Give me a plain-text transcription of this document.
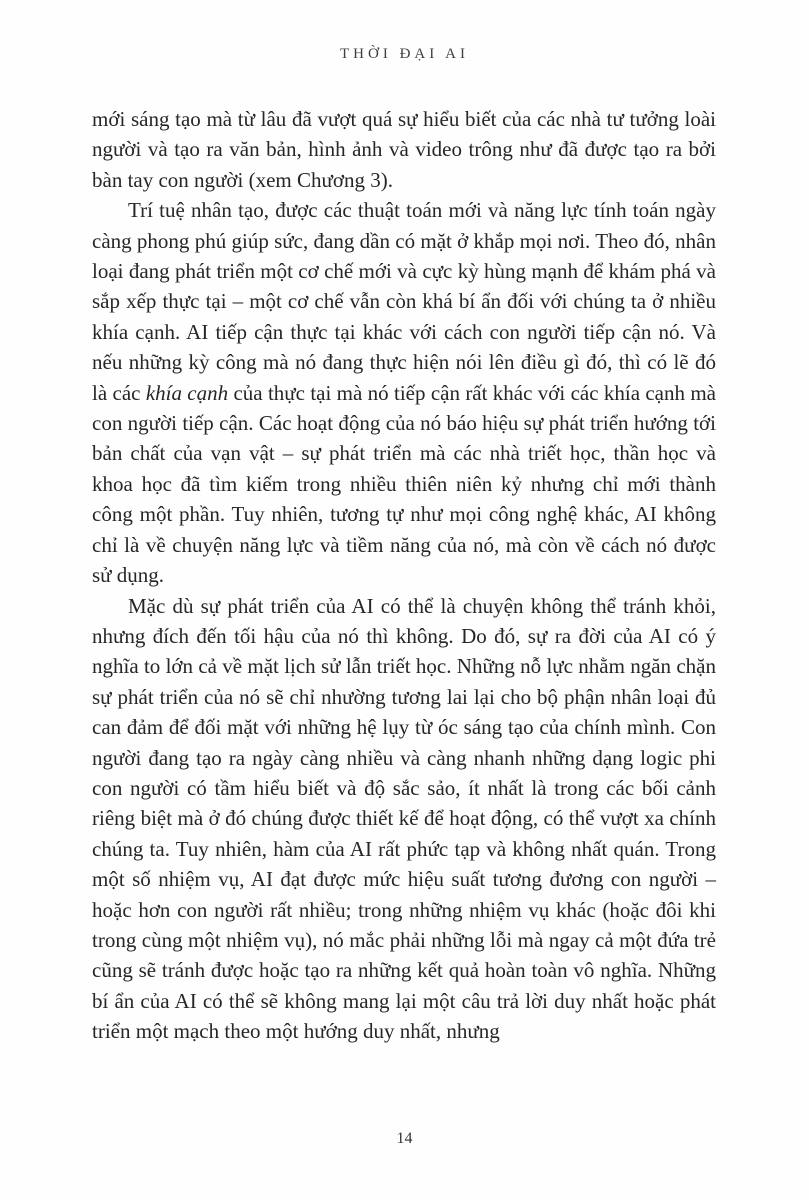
THỜI ĐẠI AI

mới sáng tạo mà từ lâu đã vượt quá sự hiểu biết của các nhà tư tưởng loài người và tạo ra văn bản, hình ảnh và video trông như đã được tạo ra bởi bàn tay con người (xem Chương 3).

Trí tuệ nhân tạo, được các thuật toán mới và năng lực tính toán ngày càng phong phú giúp sức, đang dần có mặt ở khắp mọi nơi. Theo đó, nhân loại đang phát triển một cơ chế mới và cực kỳ hùng mạnh để khám phá và sắp xếp thực tại – một cơ chế vẫn còn khá bí ẩn đối với chúng ta ở nhiều khía cạnh. AI tiếp cận thực tại khác với cách con người tiếp cận nó. Và nếu những kỳ công mà nó đang thực hiện nói lên điều gì đó, thì có lẽ đó là các khía cạnh của thực tại mà nó tiếp cận rất khác với các khía cạnh mà con người tiếp cận. Các hoạt động của nó báo hiệu sự phát triển hướng tới bản chất của vạn vật – sự phát triển mà các nhà triết học, thần học và khoa học đã tìm kiếm trong nhiều thiên niên kỷ nhưng chỉ mới thành công một phần. Tuy nhiên, tương tự như mọi công nghệ khác, AI không chỉ là về chuyện năng lực và tiềm năng của nó, mà còn về cách nó được sử dụng.

Mặc dù sự phát triển của AI có thể là chuyện không thể tránh khỏi, nhưng đích đến tối hậu của nó thì không. Do đó, sự ra đời của AI có ý nghĩa to lớn cả về mặt lịch sử lẫn triết học. Những nỗ lực nhằm ngăn chặn sự phát triển của nó sẽ chỉ nhường tương lai lại cho bộ phận nhân loại đủ can đảm để đối mặt với những hệ lụy từ óc sáng tạo của chính mình. Con người đang tạo ra ngày càng nhiều và càng nhanh những dạng logic phi con người có tầm hiểu biết và độ sắc sảo, ít nhất là trong các bối cảnh riêng biệt mà ở đó chúng được thiết kế để hoạt động, có thể vượt xa chính chúng ta. Tuy nhiên, hàm của AI rất phức tạp và không nhất quán. Trong một số nhiệm vụ, AI đạt được mức hiệu suất tương đương con người – hoặc hơn con người rất nhiều; trong những nhiệm vụ khác (hoặc đôi khi trong cùng một nhiệm vụ), nó mắc phải những lỗi mà ngay cả một đứa trẻ cũng sẽ tránh được hoặc tạo ra những kết quả hoàn toàn vô nghĩa. Những bí ẩn của AI có thể sẽ không mang lại một câu trả lời duy nhất hoặc phát triển một mạch theo một hướng duy nhất, nhưng

14
